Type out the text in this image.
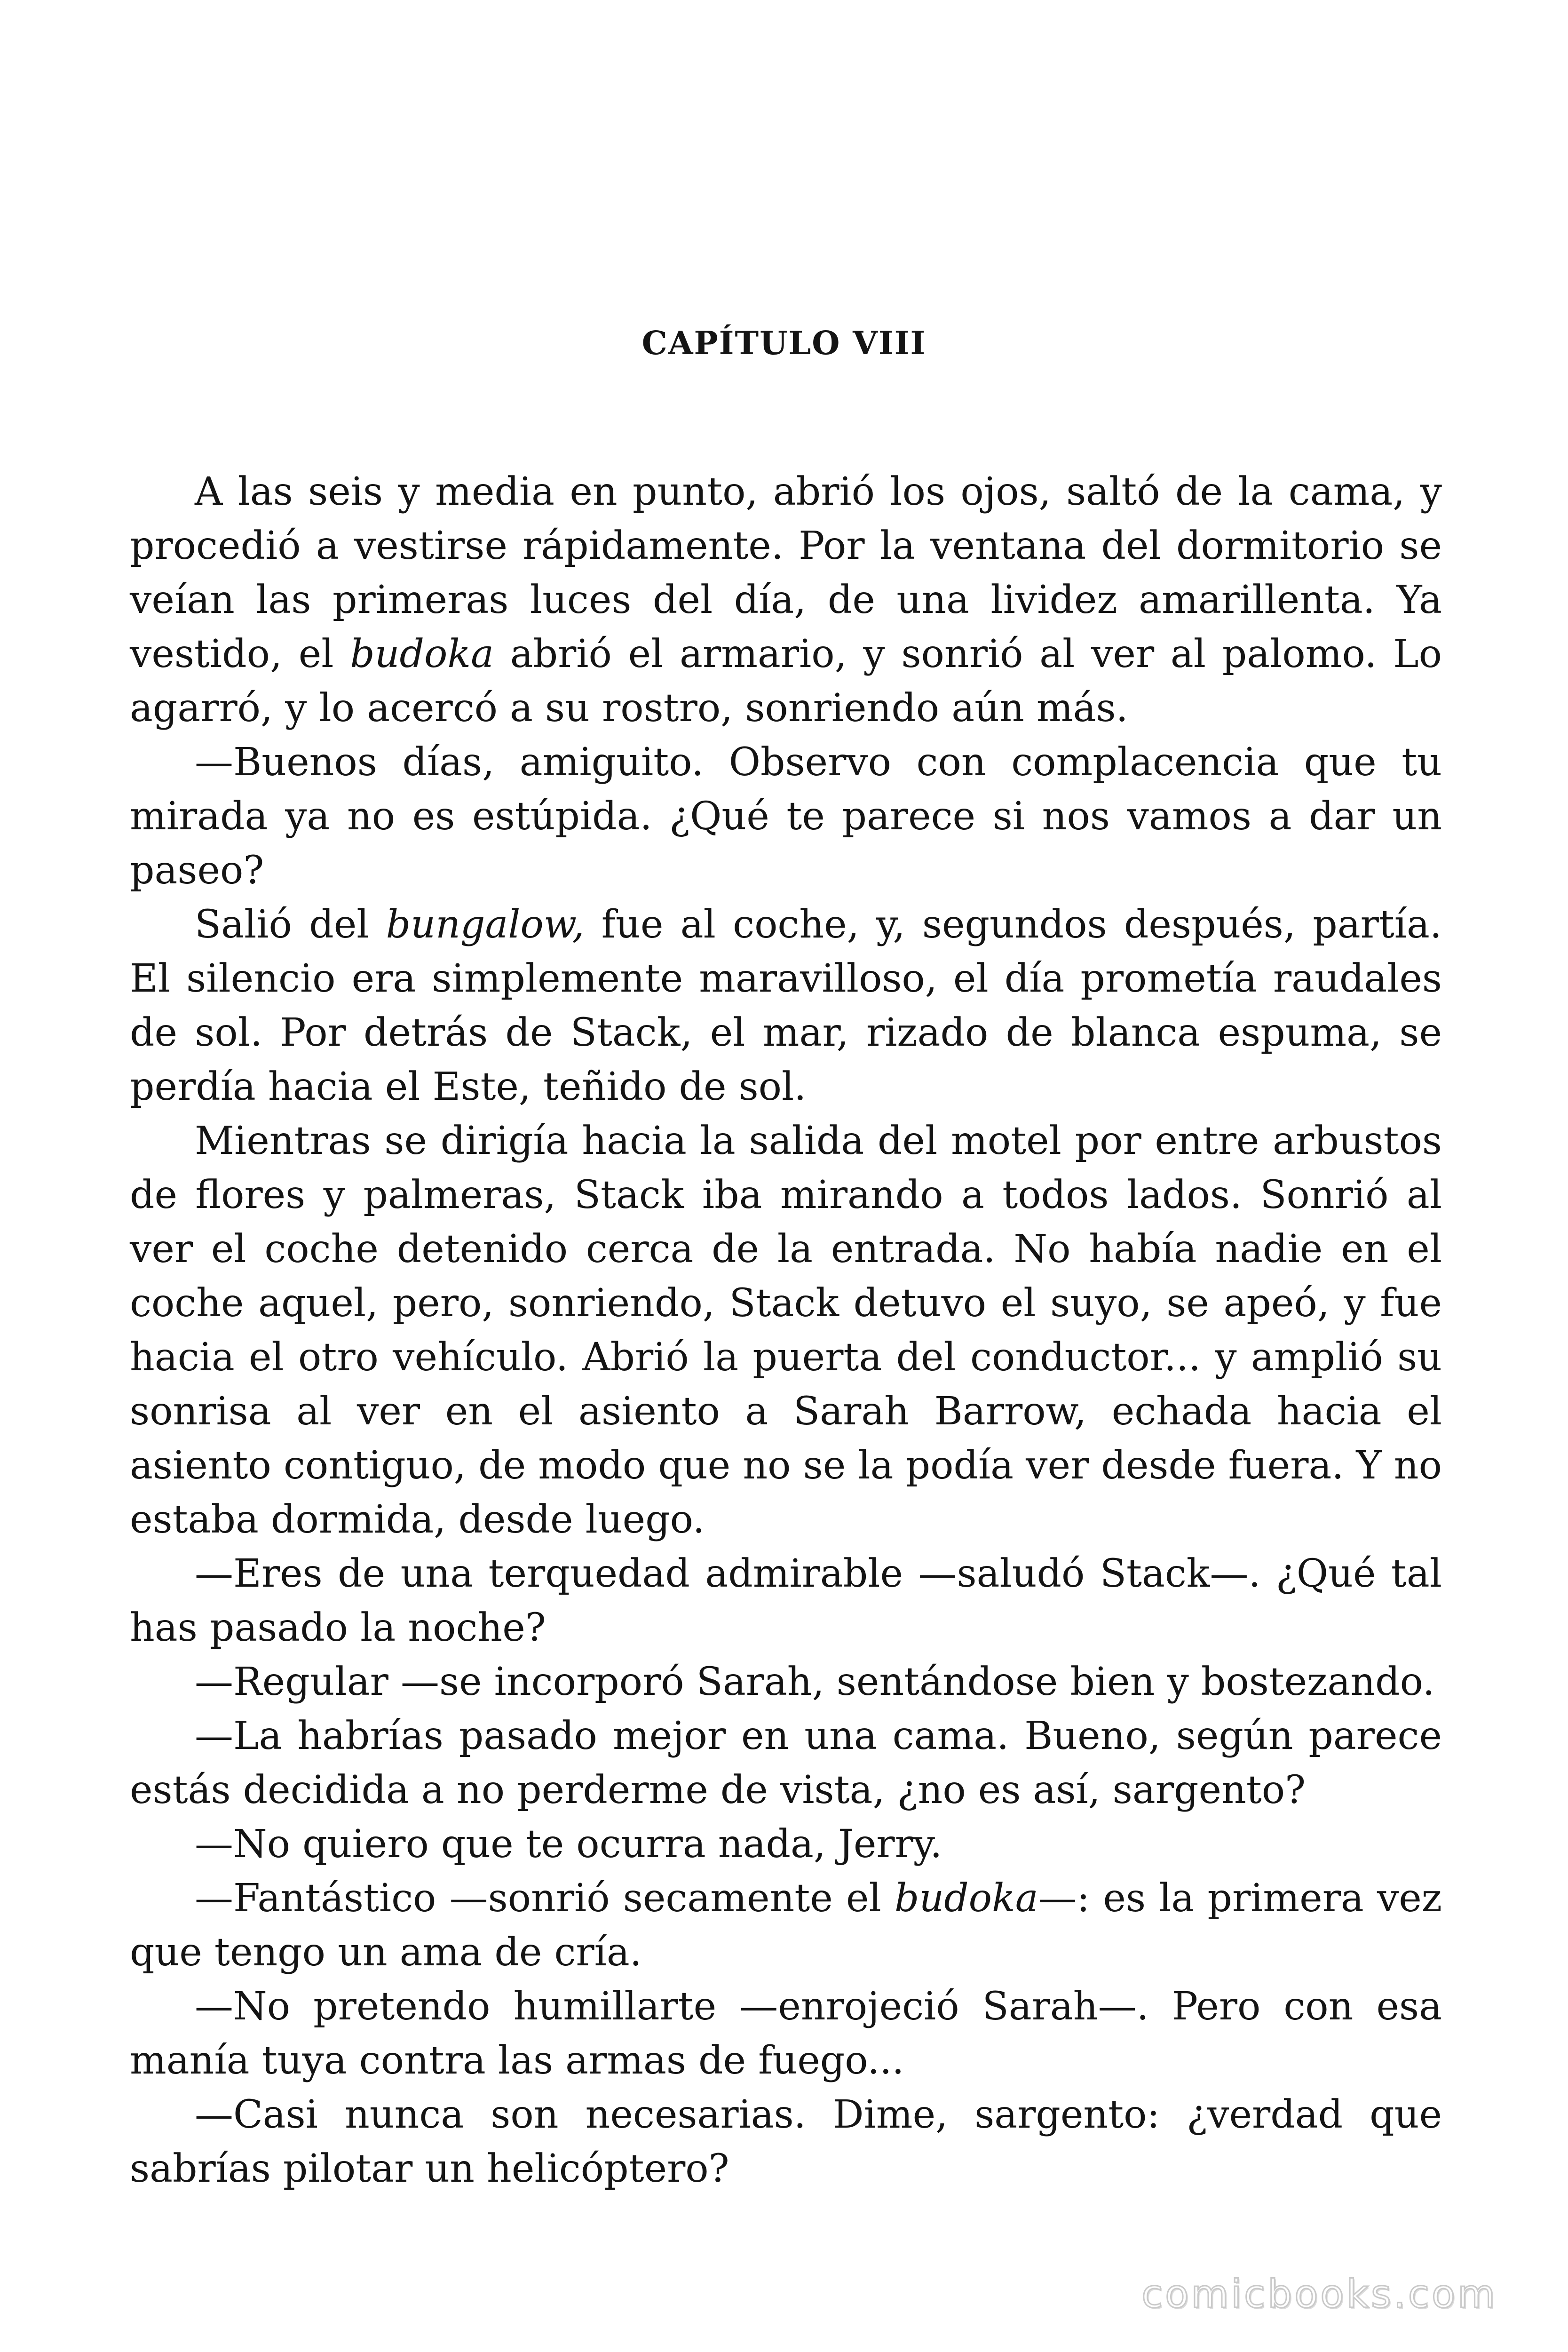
CAPÍTULO VIII

A las seis y media en punto, abrió los ojos, saltó de la cama, y procedió a vestirse rápidamente. Por la ventana del dormitorio se veían las primeras luces del día, de una lividez amarillenta. Ya vestido, el budoka abrió el armario, y sonrió al ver al palomo. Lo agarró, y lo acercó a su rostro, sonriendo aún más.

—Buenos días, amiguito. Observo con complacencia que tu mirada ya no es estúpida. ¿Qué te parece si nos vamos a dar un paseo?

Salió del bungalow, fue al coche, y, segundos después, partía. El silencio era simplemente maravilloso, el día prometía raudales de sol. Por detrás de Stack, el mar, rizado de blanca espuma, se perdía hacia el Este, teñido de sol.

Mientras se dirigía hacia la salida del motel por entre arbustos de flores y palmeras, Stack iba mirando a todos lados. Sonrió al ver el coche detenido cerca de la entrada. No había nadie en el coche aquel, pero, sonriendo, Stack detuvo el suyo, se apeó, y fue hacia el otro vehículo. Abrió la puerta del conductor... y amplió su sonrisa al ver en el asiento a Sarah Barrow, echada hacia el asiento contiguo, de modo que no se la podía ver desde fuera. Y no estaba dormida, desde luego.

—Eres de una terquedad admirable —saludó Stack—. ¿Qué tal has pasado la noche?

—Regular —se incorporó Sarah, sentándose bien y bostezando.

—La habrías pasado mejor en una cama. Bueno, según parece estás decidida a no perderme de vista, ¿no es así, sargento?

—No quiero que te ocurra nada, Jerry.

—Fantástico —sonrió secamente el budoka—: es la primera vez que tengo un ama de cría.

—No pretendo humillarte —enrojeció Sarah—. Pero con esa manía tuya contra las armas de fuego...

—Casi nunca son necesarias. Dime, sargento: ¿verdad que sabrías pilotar un helicóptero?

comicbooks.com
